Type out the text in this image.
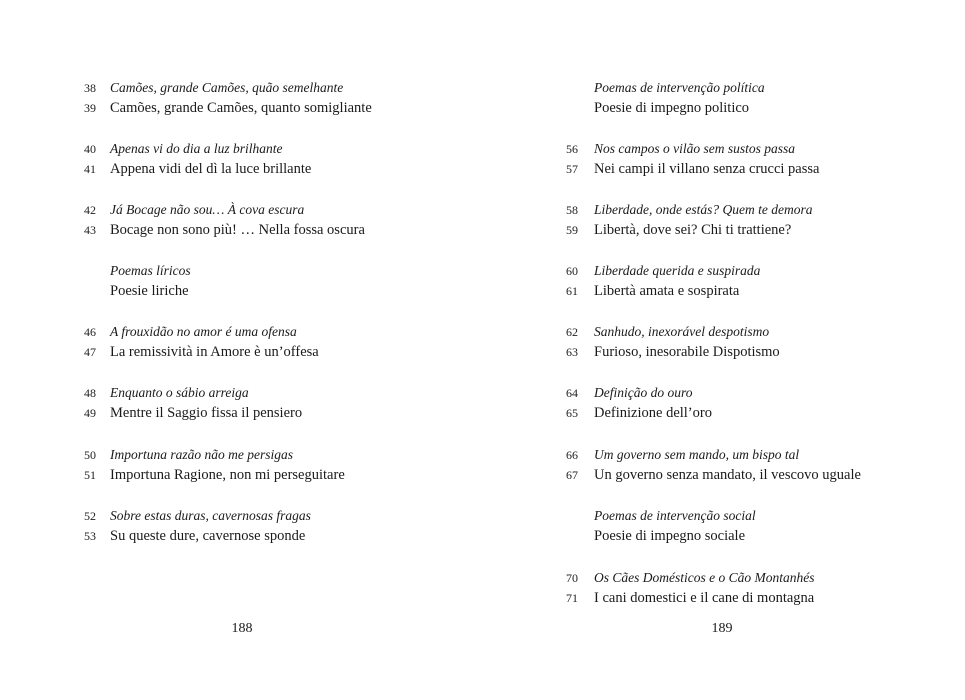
38	Camões, grande Camões, quão semelhante
39 Camões, grande Camões, quanto somigliante
40	Apenas vi do dia a luz brilhante
41 Appena vidi del dì la luce brillante
42	Já Bocage não sou… À cova escura
43 Bocage non sono più! … Nella fossa oscura
Poemas líricos
Poesie liriche
46	A frouxidão no amor é uma ofensa
47 La remissività in Amore è un’offesa
48	Enquanto o sábio arreiga
49 Mentre il Saggio fissa il pensiero
50	Importuna razão não me persigas
51 Importuna Ragione, non mi perseguitare
52	Sobre estas duras, cavernosas fragas
53 Su queste dure, cavernose sponde
188
Poemas de intervenção política
Poesie di impegno politico
56	Nos campos o vilão sem sustos passa
57	Nei campi il villano senza crucci passa
58	Liberdade, onde estás? Quem te demora
59	Libertà, dove sei? Chi ti trattiene?
60	Liberdade querida e suspirada
61	Libertà amata e sospirata
62	Sanhudo, inexorável despotismo
63	Furioso, inesorabile Dispotismo
64	Definição do ouro
65	Definizione dell’oro
66	Um governo sem mando, um bispo tal
67	Un governo senza mandato, il vescovo uguale
Poemas de intervenção social
Poesie di impegno sociale
70	Os Cães Domésticos e o Cão Montanhés
71	I cani domestici e il cane di montagna
189
